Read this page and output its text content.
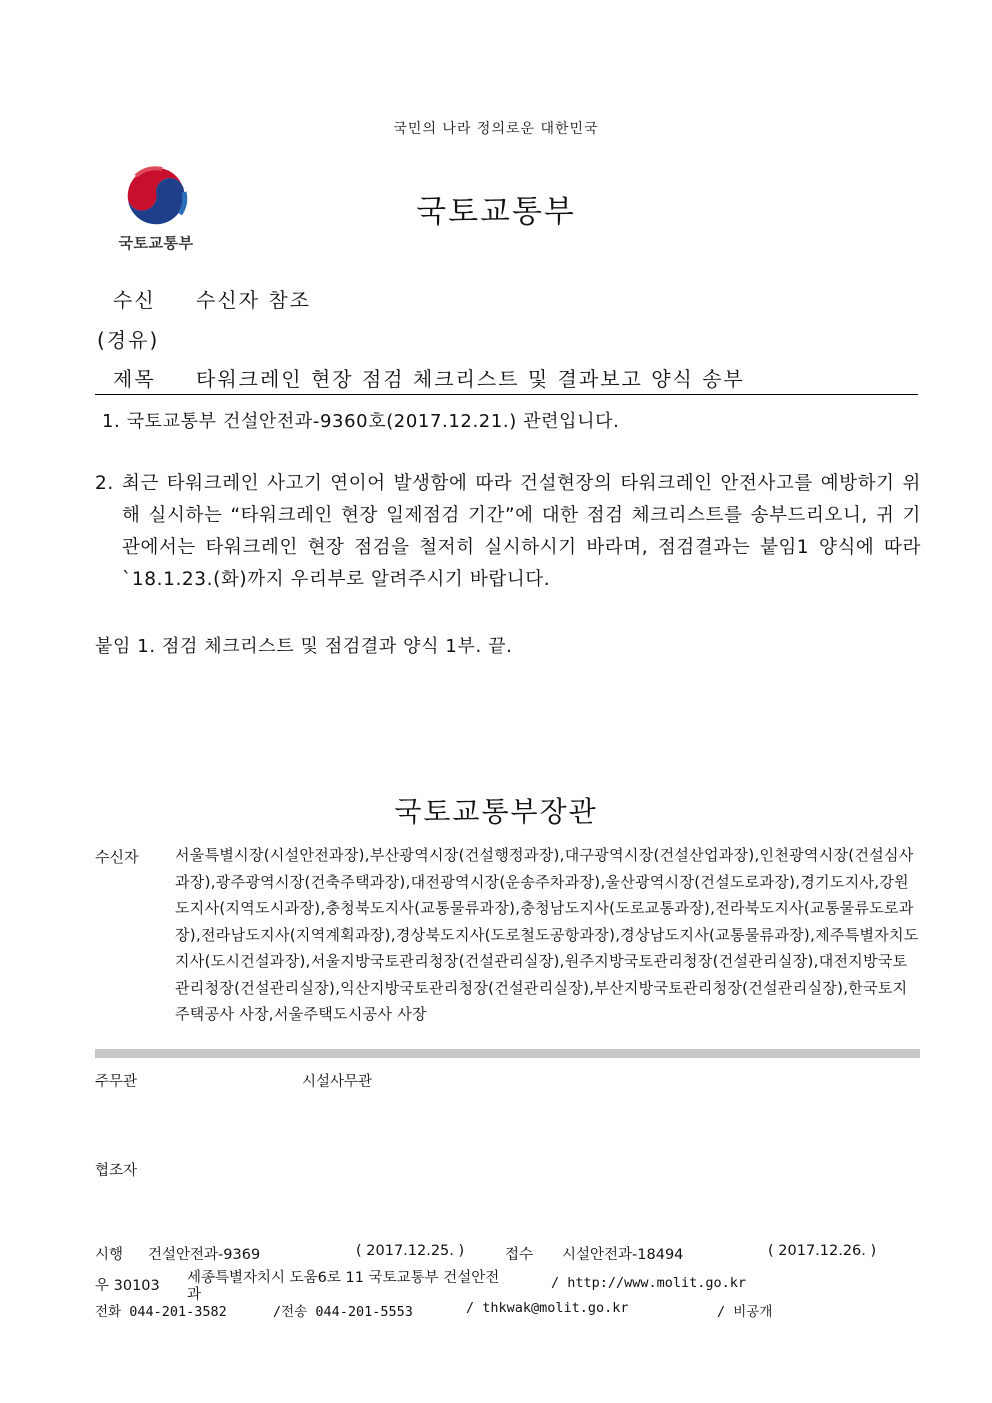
국민의 나라 정의로운 대한민국
국토교통부
국토교통부
수신 수신자 참조
(경유)
제목 타워크레인 현장 점검 체크리스트 및 결과보고 양식 송부
1. 국토교통부 건설안전과-9360호(2017.12.21.) 관련입니다.
2. 최근 타워크레인 사고기 연이어 발생함에 따라 건설현장의 타워크레인 안전사고를 예방하기 위해 실시하는 “타워크레인 현장 일제점검 기간”에 대한 점검 체크리스트를 송부드리오니, 귀 기관에서는 타워크레인 현장 점검을 철저히 실시하시기 바라며, 점검결과는 붙임1 양식에 따라 `18.1.23.(화)까지 우리부로 알려주시기 바랍니다.
붙임 1. 점검 체크리스트 및 점검결과 양식 1부. 끝.
국토교통부장관
수신자 서울특별시장(시설안전과장),부산광역시장(건설행정과장),대구광역시장(건설산업과장),인천광역시장(건설심사과장),광주광역시장(건축주택과장),대전광역시장(운송주차과장),울산광역시장(건설도로과장),경기도지사,강원도지사(지역도시과장),충청북도지사(교통물류과장),충청남도지사(도로교통과장),전라북도지사(교통물류도로과장),전라남도지사(지역계획과장),경상북도지사(도로철도공항과장),경상남도지사(교통물류과장),제주특별자치도지사(도시건설과장),서울지방국토관리청장(건설관리실장),원주지방국토관리청장(건설관리실장),대전지방국토관리청장(건설관리실장),익산지방국토관리청장(건설관리실장),부산지방국토관리청장(건설관리실장),한국토지주택공사 사장,서울주택도시공사 사장
주무관	시설사무관
협조자
시행 건설안전과-9369	( 2017.12.25. )	접수 시설안전과-18494	( 2017.12.26. )
우 30103 세종특별자치시 도움6로 11 국토교통부 건설안전
과
/ http://www.molit.go.kr
전화 044-201-3582	/전송 044-201-5553	/ thkwak@molit.go.kr	/ 비공개
